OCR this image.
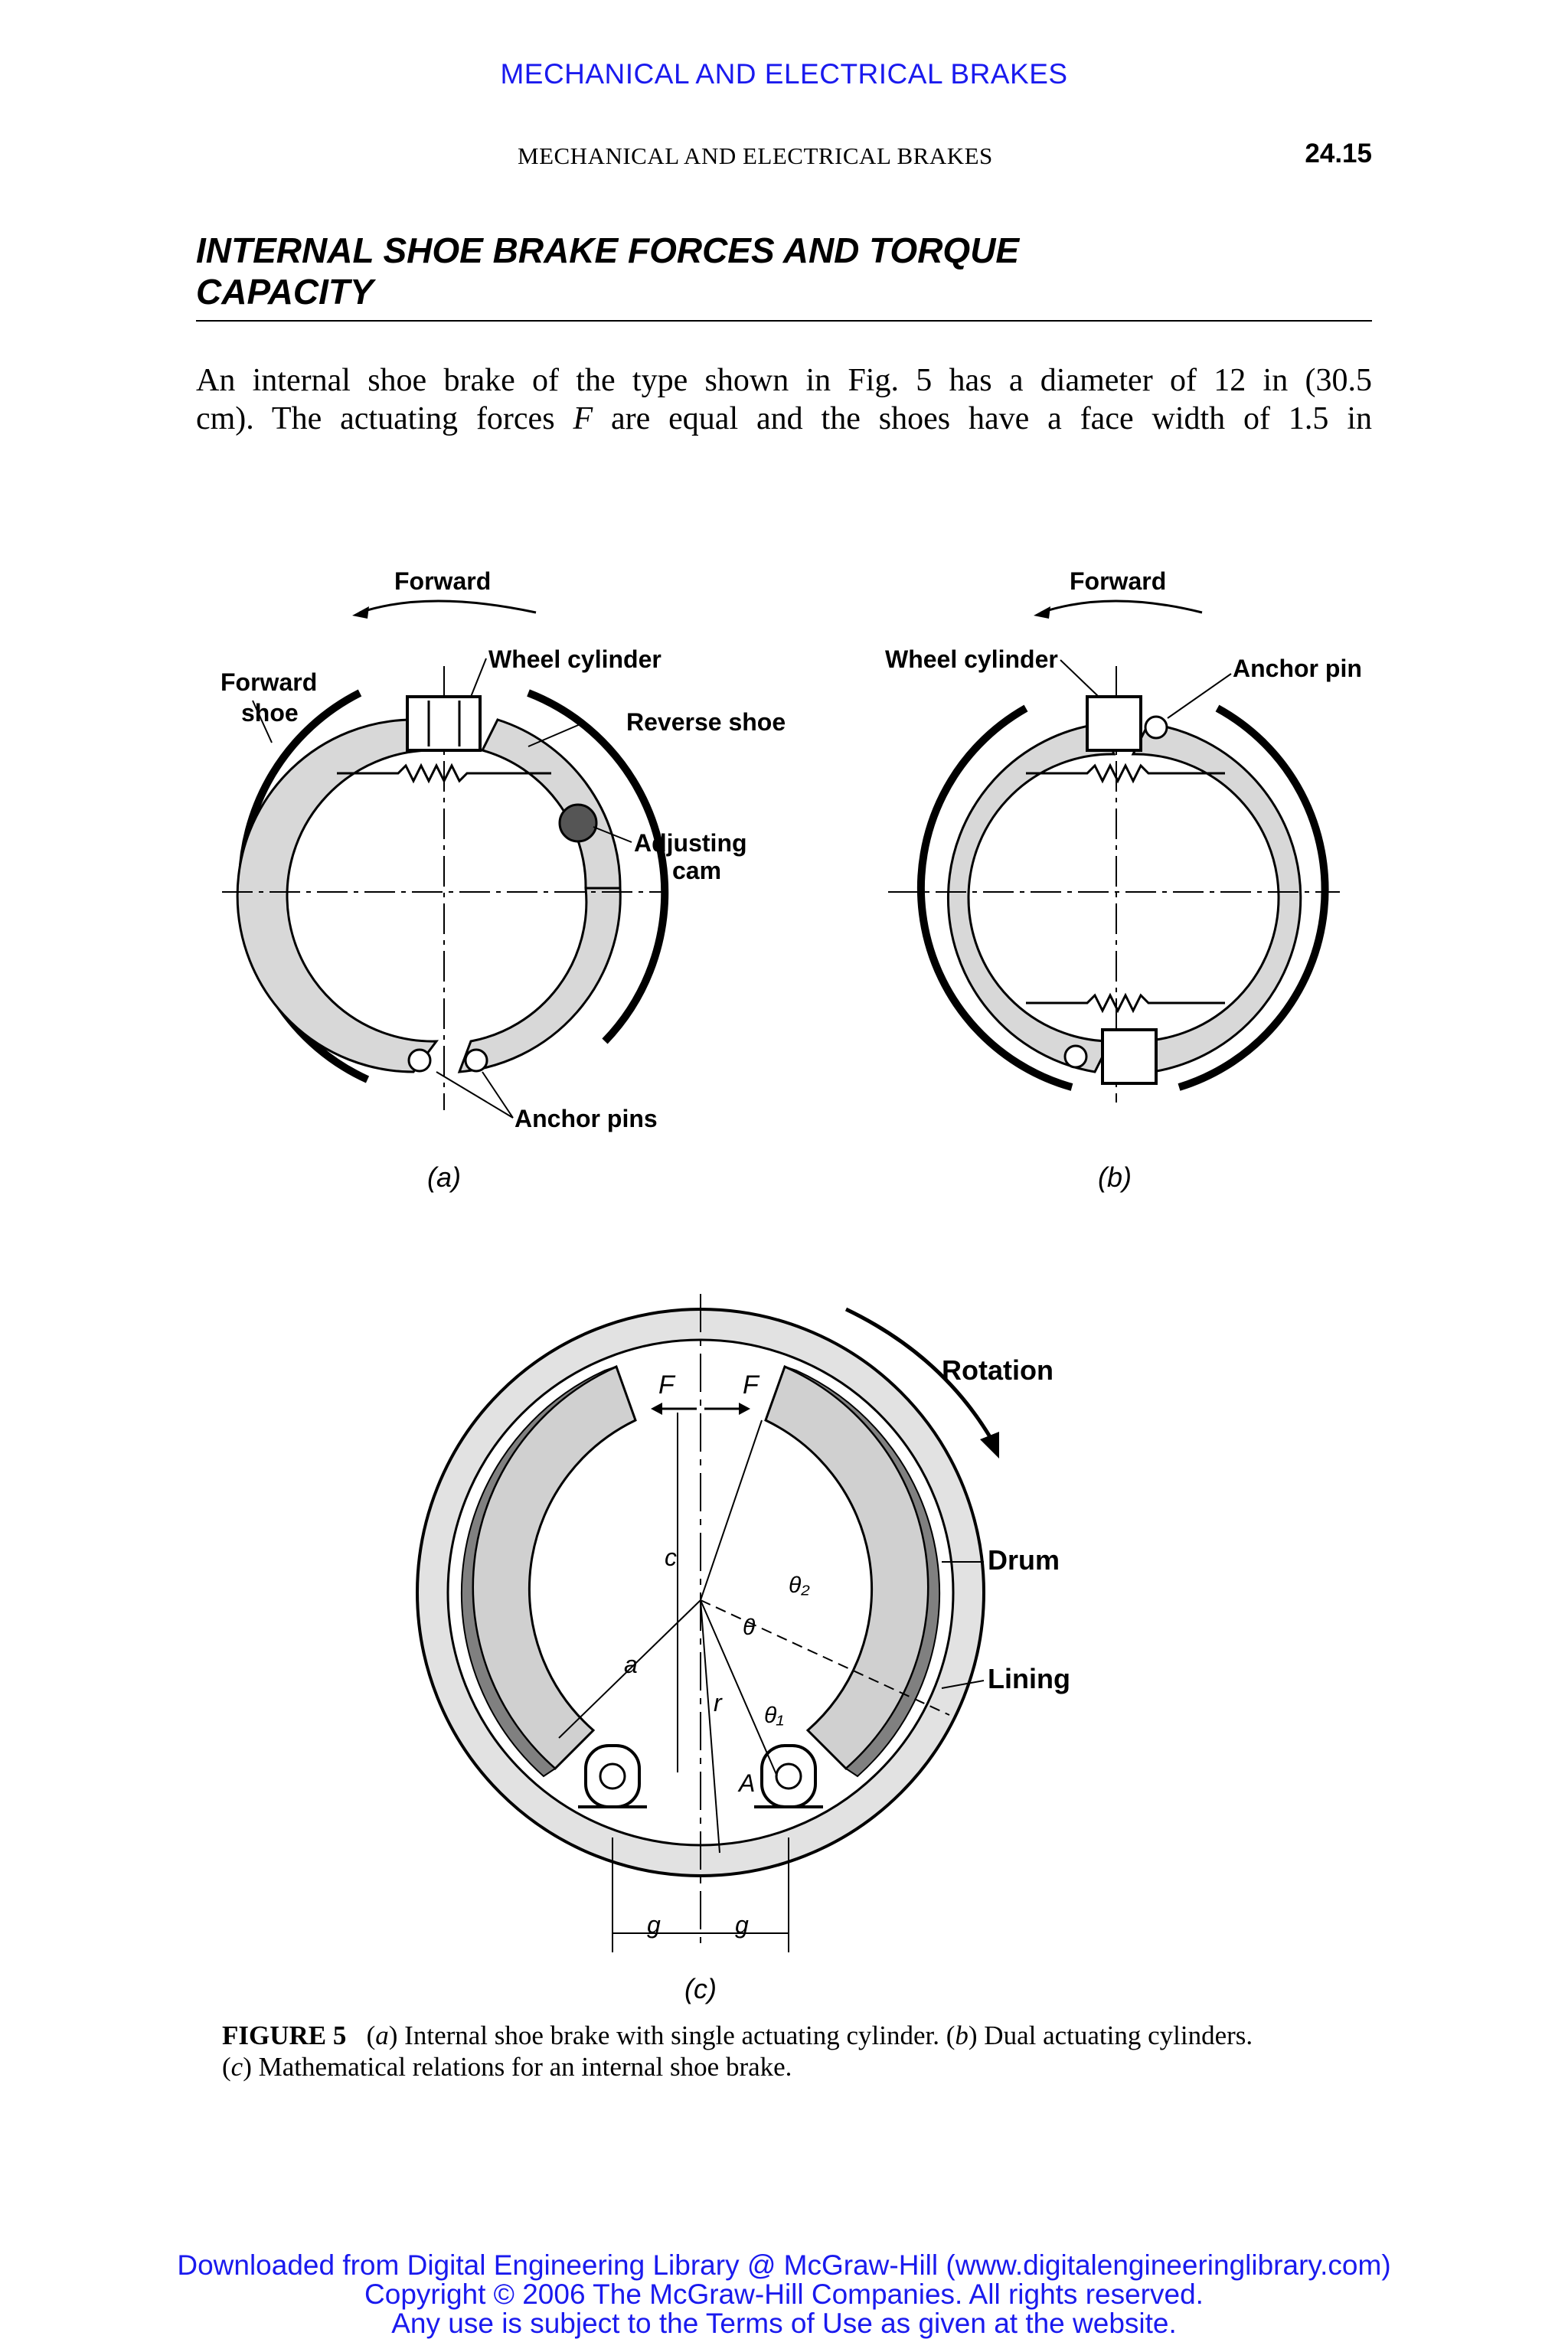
MECHANICAL AND ELECTRICAL BRAKES
MECHANICAL AND ELECTRICAL BRAKES	24.15
INTERNAL SHOE BRAKE FORCES AND TORQUE CAPACITY
An internal shoe brake of the type shown in Fig. 5 has a diameter of 12 in (30.5
cm). The actuating forces F are equal and the shoes have a face width of 1.5 in
Forward
Wheel cylinder
Forward
shoe	Reverse shoe
Adjusting
cam
Anchor pins
(a)
Forward
Wheel cylinder	Anchor pin
(b)
Rotation
Drum
Lining
F	F
c
a
r
A
θ₂
θ
θ₁
g	g
(c)
FIGURE 5 (a) Internal shoe brake with single actuating cylinder. (b) Dual actuating cylinders.
(c) Mathematical relations for an internal shoe brake.
Downloaded from Digital Engineering Library @ McGraw-Hill (www.digitalengineeringlibrary.com)
Copyright © 2006 The McGraw-Hill Companies. All rights reserved.
Any use is subject to the Terms of Use as given at the website.
